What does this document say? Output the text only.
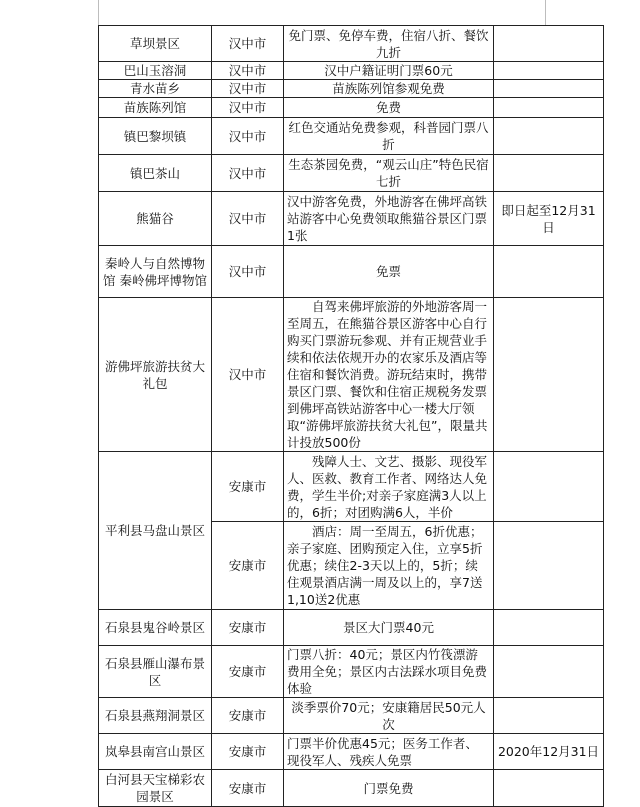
草坝景区	汉中市	免门票、免停车费，住宿八折、餐饮九折	
巴山玉溶洞	汉中市	汉中户籍证明门票60元	
青水苗乡	汉中市	苗族陈列馆参观免费	
苗族陈列馆	汉中市	免费	
镇巴黎坝镇	汉中市	红色交通站免费参观，科普园门票八折	
镇巴茶山	汉中市	生态茶园免费，“观云山庄”特色民宿七折	
熊猫谷	汉中市	汉中游客免费，外地游客在佛坪高铁站游客中心免费领取熊猫谷景区门票1张	即日起至12月31日
秦岭人与自然博物馆 秦岭佛坪博物馆	汉中市	免票	
游佛坪旅游扶贫大礼包	汉中市	自驾来佛坪旅游的外地游客周一至周五，在熊猫谷景区游客中心自行购买门票游玩参观、并有正规营业手续和依法依规开办的农家乐及酒店等住宿和餐饮消费。游玩结束时，携带景区门票、餐饮和住宿正规税务发票到佛坪高铁站游客中心一楼大厅领取“游佛坪旅游扶贫大礼包”，限量共计投放500份	
平利县马盘山景区	安康市	残障人士、文艺、摄影、现役军人、医救、教育工作者、网络达人免费，学生半价;对亲子家庭满3人以上的，6折；对团购满6人，半价	
	安康市	酒店：周一至周五，6折优惠；亲子家庭、团购预定入住，立享5折优惠；续住2-3天以上的，5折；续住观景酒店满一周及以上的，享7送1,10送2优惠	
石泉县鬼谷岭景区	安康市	景区大门票40元	
石泉县雁山瀑布景区	安康市	门票八折：40元；景区内竹筏漂游费用全免；景区内古法踩水项目免费体验	
石泉县燕翔洞景区	安康市	淡季票价70元；安康籍居民50元人次	
岚皋县南宫山景区	安康市	门票半价优惠45元；医务工作者、现役军人、残疾人免票	2020年12月31日
白河县天宝梯彩农园景区	安康市	门票免费	
